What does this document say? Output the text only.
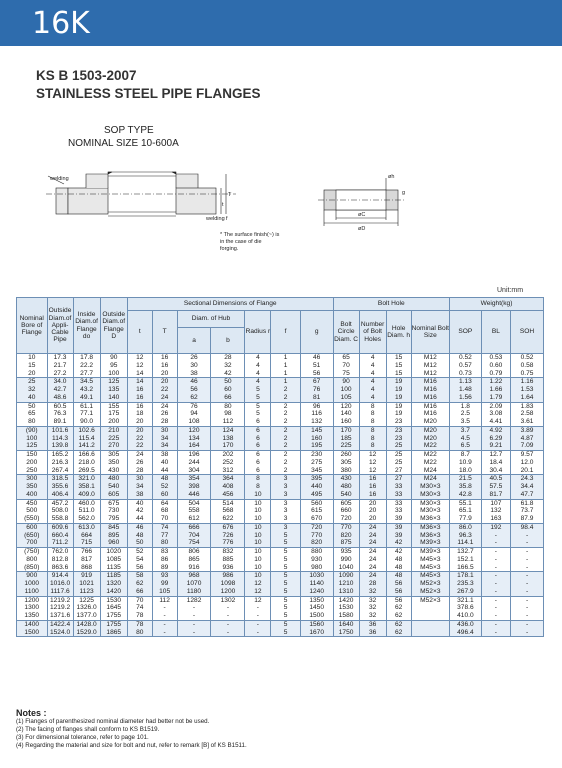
16K
KS B 1503-2007
STAINLESS STEEL PIPE FLANGES
SOP TYPE
NOMINAL SIZE 10-600A
welding
welding f
T
t
* The surface finish(~) is in the case of die forging.
øh
øC
øD
g
Unit:mm
Nominal Bore of Flange	Outside Diam.of Appli-Cable Pipe	Inside Diam.of Flange do	Outside Diam.of Flange D	Sectional Dimensions of Flange							Bolt Hole				Weight(kg)		
				t	T	Diam. of Hub		Radius r	f	g	Bolt Circle Diam. C	Number of Bolt Holes	Hole Diam. h	Nominal Bolt Size	SOP	BL	SOH
						a	b										
10	17.3	17.8	90	12	16	26	28	4	1	46	65	4	15	M12	0.52	0.53	0.52
15	21.7	22.2	95	12	16	30	32	4	1	51	70	4	15	M12	0.57	0.60	0.58
20	27.2	27.7	100	14	20	38	42	4	1	56	75	4	15	M12	0.73	0.79	0.75
25	34.0	34.5	125	14	20	46	50	4	1	67	90	4	19	M16	1.13	1.22	1.16
32	42.7	43.2	135	16	22	56	60	5	2	76	100	4	19	M16	1.48	1.66	1.53
40	48.6	49.1	140	16	24	62	66	5	2	81	105	4	19	M16	1.56	1.79	1.64
50	60.5	61.1	155	16	24	76	80	5	2	96	120	8	19	M16	1.8	2.09	1.83
65	76.3	77.1	175	18	26	94	98	5	2	116	140	8	19	M16	2.5	3.08	2.58
80	89.1	90.0	200	20	28	108	112	6	2	132	160	8	23	M20	3.5	4.41	3.61
(90)	101.6	102.6	210	20	30	120	124	6	2	145	170	8	23	M20	3.7	4.92	3.89
100	114.3	115.4	225	22	34	134	138	6	2	160	185	8	23	M20	4.5	6.29	4.87
125	139.8	141.2	270	22	34	164	170	6	2	195	225	8	25	M22	6.5	9.21	7.09
150	165.2	166.6	305	24	38	196	202	6	2	230	260	12	25	M22	8.7	12.7	9.57
200	216.3	218.0	350	26	40	244	252	6	2	275	305	12	25	M22	10.9	18.4	12.0
250	267.4	269.5	430	28	44	304	312	6	2	345	380	12	27	M24	18.0	30.4	20.1
300	318.5	321.0	480	30	48	354	364	8	3	395	430	16	27	M24	21.5	40.5	24.3
350	355.6	358.1	540	34	52	398	408	8	3	440	480	16	33	M30×3	35.8	57.5	34.4
400	406.4	409.0	605	38	60	446	456	10	3	495	540	16	33	M30×3	42.8	81.7	47.7
450	457.2	460.0	675	40	64	504	514	10	3	560	605	20	33	M30×3	55.1	107	61.8
500	508.0	511.0	730	42	68	558	568	10	3	615	660	20	33	M30×3	65.1	132	73.7
(550)	558.8	562.0	795	44	70	612	622	10	3	670	720	20	39	M36×3	77.9	163	87.9
600	609.6	613.0	845	46	74	666	676	10	3	720	770	24	39	M36×3	86.0	192	98.4
(650)	660.4	664	895	48	77	704	726	10	5	770	820	24	39	M36×3	96.3	-	-
700	711.2	715	960	50	80	754	776	10	5	820	875	24	42	M39×3	114.1	-	-
(750)	762.0	766	1020	52	83	806	832	10	5	880	935	24	42	M39×3	132.7	-	-
800	812.8	817	1085	54	86	865	885	10	5	930	990	24	48	M45×3	152.1	-	-
(850)	863.6	868	1135	56	89	916	936	10	5	980	1040	24	48	M45×3	166.5	-	-
900	914.4	919	1185	58	93	968	986	10	5	1030	1090	24	48	M45×3	178.1	-	-
1000	1016.0	1021	1320	62	99	1070	1098	12	5	1140	1210	28	56	M52×3	235.3	-	-
1100	1117.6	1123	1420	66	105	1180	1200	12	5	1240	1310	32	56	M52×3	267.9	-	-
1200	1219.2	1225	1530	70	112	1282	1302	12	5	1350	1420	32	56	M52×3	321.1	-	-
1300	1219.2	1326.0	1645	74	-	-	-	-	5	1450	1530	32	62		378.6	-	-
1350	1371.6	1377.0	1755	78	-	-	-	-	5	1500	1580	32	62		410.0	-	-
1400	1422.4	1428.0	1755	78	-	-	-	-	5	1560	1640	36	62		436.0	-	-
1500	1524.0	1529.0	1865	80	-	-	-	-	5	1670	1750	36	62		496.4	-	-
Notes :
(1) Flanges of parenthesized nominal diameter had better not be used.
(2) The facing of flanges shall conform to KS B1519.
(3) For dimensional tolerance, refer to page 101.
(4) Regarding the material and size for bolt and nut, refer to remark [B] of KS B1511.
